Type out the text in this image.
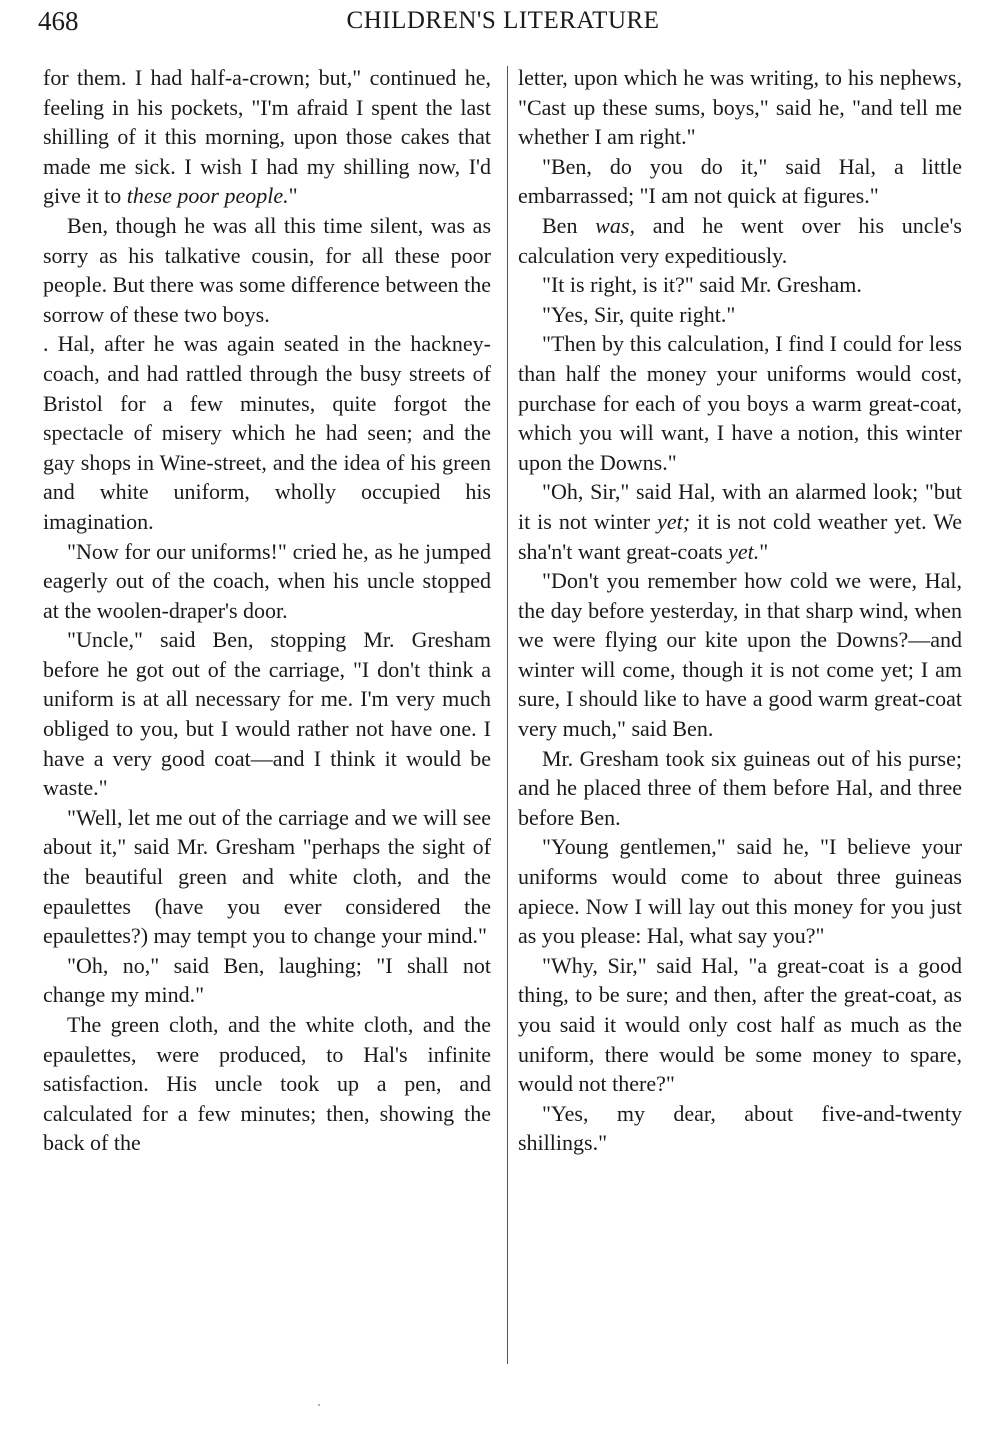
468	CHILDREN'S LITERATURE

for them. I had half-a-crown; but," continued he, feeling in his pockets, "I'm afraid I spent the last shilling of it this morning, upon those cakes that made me sick. I wish I had my shilling now, I'd give it to these poor people."

Ben, though he was all this time silent, was as sorry as his talkative cousin, for all these poor people. But there was some difference between the sorrow of these two boys.

. Hal, after he was again seated in the hackney-coach, and had rattled through the busy streets of Bristol for a few minutes, quite forgot the spectacle of misery which he had seen; and the gay shops in Wine-street, and the idea of his green and white uniform, wholly occupied his imagination.

"Now for our uniforms!" cried he, as he jumped eagerly out of the coach, when his uncle stopped at the woolen-draper's door.

"Uncle," said Ben, stopping Mr. Gresham before he got out of the carriage, "I don't think a uniform is at all necessary for me. I'm very much obliged to you, but I would rather not have one. I have a very good coat—and I think it would be waste."

"Well, let me out of the carriage and we will see about it," said Mr. Gresham "perhaps the sight of the beautiful green and white cloth, and the epaulettes (have you ever considered the epaulettes?) may tempt you to change your mind."

"Oh, no," said Ben, laughing; "I shall not change my mind."

The green cloth, and the white cloth, and the epaulettes, were produced, to Hal's infinite satisfaction. His uncle took up a pen, and calculated for a few minutes; then, showing the back of the

letter, upon which he was writing, to his nephews, "Cast up these sums, boys," said he, "and tell me whether I am right."

"Ben, do you do it," said Hal, a little embarrassed; "I am not quick at figures."

Ben was, and he went over his uncle's calculation very expeditiously.

"It is right, is it?" said Mr. Gresham.

"Yes, Sir, quite right."

"Then by this calculation, I find I could for less than half the money your uniforms would cost, purchase for each of you boys a warm great-coat, which you will want, I have a notion, this winter upon the Downs."

"Oh, Sir," said Hal, with an alarmed look; "but it is not winter yet; it is not cold weather yet. We sha'n't want great-coats yet."

"Don't you remember how cold we were, Hal, the day before yesterday, in that sharp wind, when we were flying our kite upon the Downs?—and winter will come, though it is not come yet; I am sure, I should like to have a good warm great-coat very much," said Ben.

Mr. Gresham took six guineas out of his purse; and he placed three of them before Hal, and three before Ben.

"Young gentlemen," said he, "I believe your uniforms would come to about three guineas apiece. Now I will lay out this money for you just as you please: Hal, what say you?"

"Why, Sir," said Hal, "a great-coat is a good thing, to be sure; and then, after the great-coat, as you said it would only cost half as much as the uniform, there would be some money to spare, would not there?"

"Yes, my dear, about five-and-twenty shillings."
